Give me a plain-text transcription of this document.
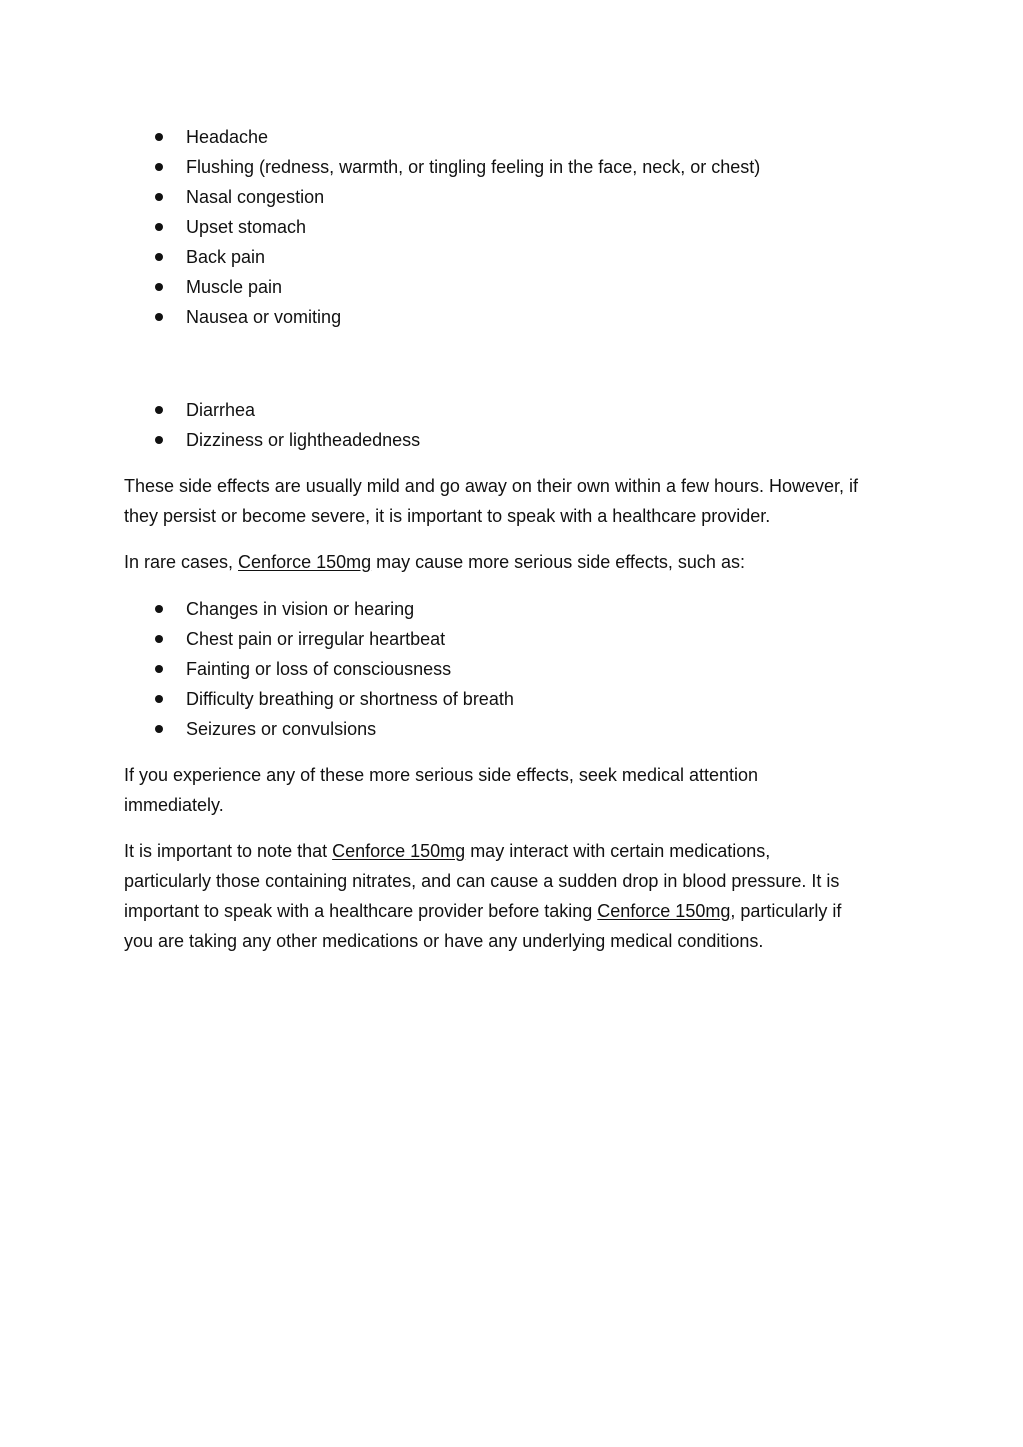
Headache
Flushing (redness, warmth, or tingling feeling in the face, neck, or chest)
Nasal congestion
Upset stomach
Back pain
Muscle pain
Nausea or vomiting
Diarrhea
Dizziness or lightheadedness

These side effects are usually mild and go away on their own within a few hours. However, if
they persist or become severe, it is important to speak with a healthcare provider.

In rare cases, Cenforce 150mg may cause more serious side effects, such as:

Changes in vision or hearing
Chest pain or irregular heartbeat
Fainting or loss of consciousness
Difficulty breathing or shortness of breath
Seizures or convulsions

If you experience any of these more serious side effects, seek medical attention
immediately.

It is important to note that Cenforce 150mg may interact with certain medications,
particularly those containing nitrates, and can cause a sudden drop in blood pressure. It is
important to speak with a healthcare provider before taking Cenforce 150mg, particularly if
you are taking any other medications or have any underlying medical conditions.
